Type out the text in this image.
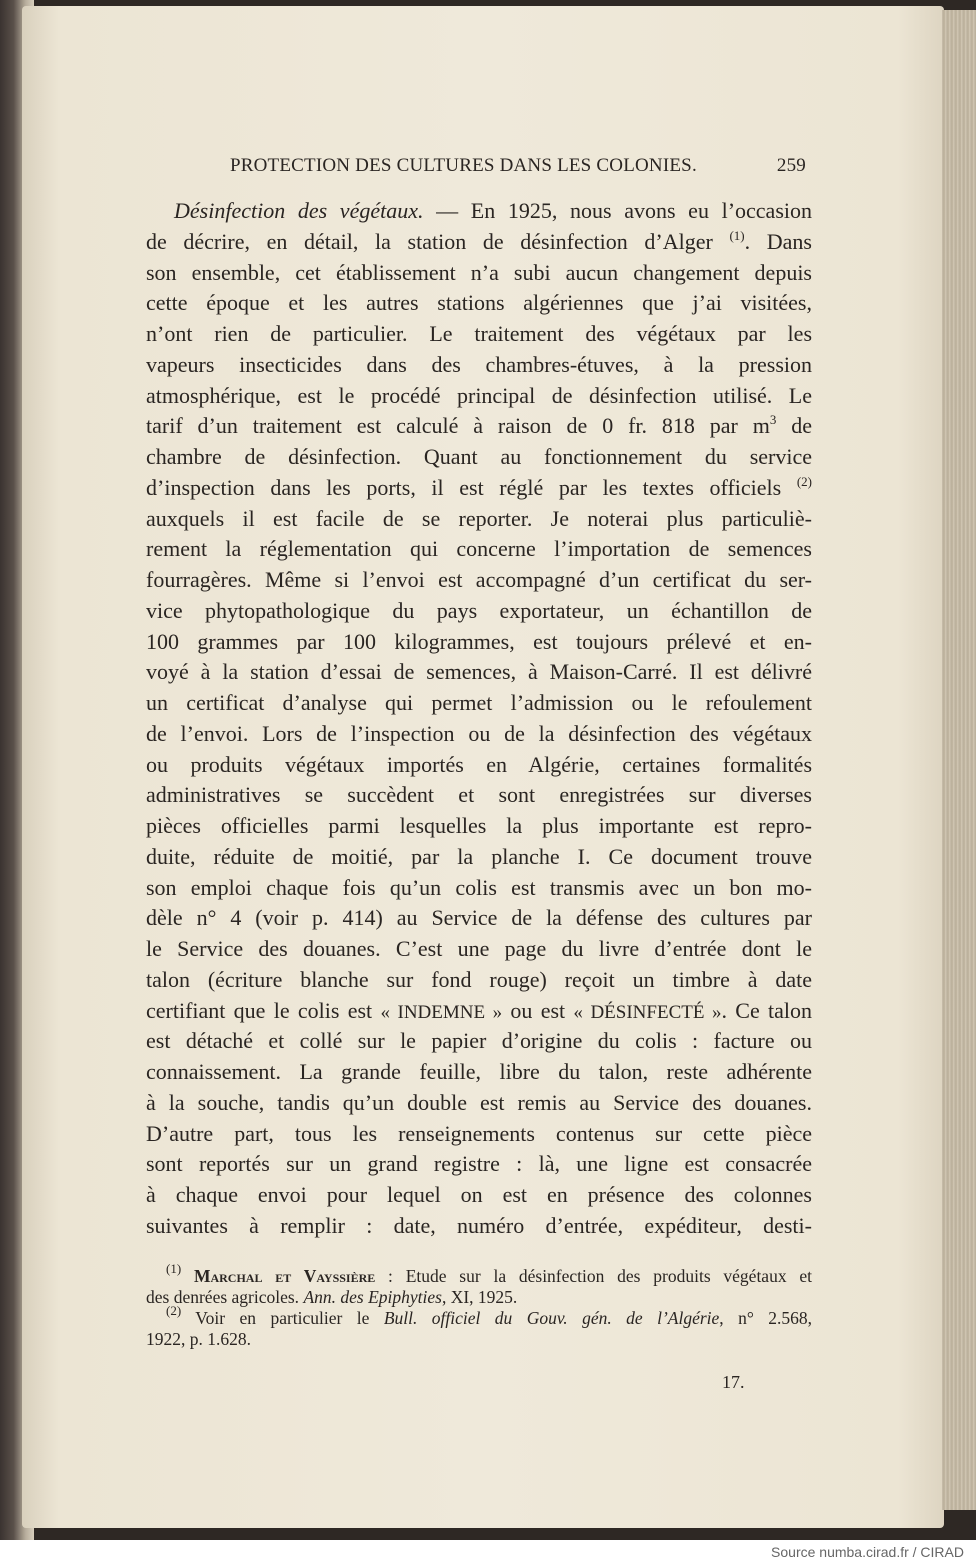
PROTECTION DES CULTURES DANS LES COLONIES.	259
Désinfection des végétaux. — En 1925, nous avons eu l’occasion
de décrire, en détail, la station de désinfection d’Alger $^{(1)}$. Dans
son ensemble, cet établissement n’a subi aucun changement depuis
cette époque et les autres stations algériennes que j’ai visitées,
n’ont rien de particulier. Le traitement des végétaux par les
vapeurs insecticides dans des chambres-étuves, à la pression
atmosphérique, est le procédé principal de désinfection utilisé. Le
tarif d’un traitement est calculé à raison de 0 fr. 818 par $m^3$ de
chambre de désinfection. Quant au fonctionnement du service
d’inspection dans les ports, il est réglé par les textes officiels $^{(2)}$
auxquels il est facile de se reporter. Je noterai plus particuliè-
rement la réglementation qui concerne l’importation de semences
fourragères. Même si l’envoi est accompagné d’un certificat du ser-
vice phytopathologique du pays exportateur, un échantillon de
100 grammes par 100 kilogrammes, est toujours prélevé et en-
voyé à la station d’essai de semences, à Maison-Carré. Il est délivré
un certificat d’analyse qui permet l’admission ou le refoulement
de l’envoi. Lors de l’inspection ou de la désinfection des végétaux
ou produits végétaux importés en Algérie, certaines formalités
administratives se succèdent et sont enregistrées sur diverses
pièces officielles parmi lesquelles la plus importante est repro-
duite, réduite de moitié, par la planche I. Ce document trouve
son emploi chaque fois qu’un colis est transmis avec un bon mo-
dèle n° 4 (voir p. 414) au Service de la défense des cultures par
le Service des douanes. C’est une page du livre d’entrée dont le
talon (écriture blanche sur fond rouge) reçoit un timbre à date
certifiant que le colis est « INDEMNE » ou est « DÉSINFECTÉ ». Ce talon
est détaché et collé sur le papier d’origine du colis : facture ou
connaissement. La grande feuille, libre du talon, reste adhérente
à la souche, tandis qu’un double est remis au Service des douanes.
D’autre part, tous les renseignements contenus sur cette pièce
sont reportés sur un grand registre : là, une ligne est consacrée
à chaque envoi pour lequel on est en présence des colonnes
suivantes à remplir : date, numéro d’entrée, expéditeur, desti-
$^{(1)}$ Marchal et Vayssière : Etude sur la désinfection des produits végétaux et
des denrées agricoles. Ann. des Epiphyties, XI, 1925.
$^{(2)}$ Voir en particulier le Bull. officiel du Gouv. gén. de l’Algérie, n° 2.568,
1922, p. 1.628.
17.
Source numba.cirad.fr / CIRAD
